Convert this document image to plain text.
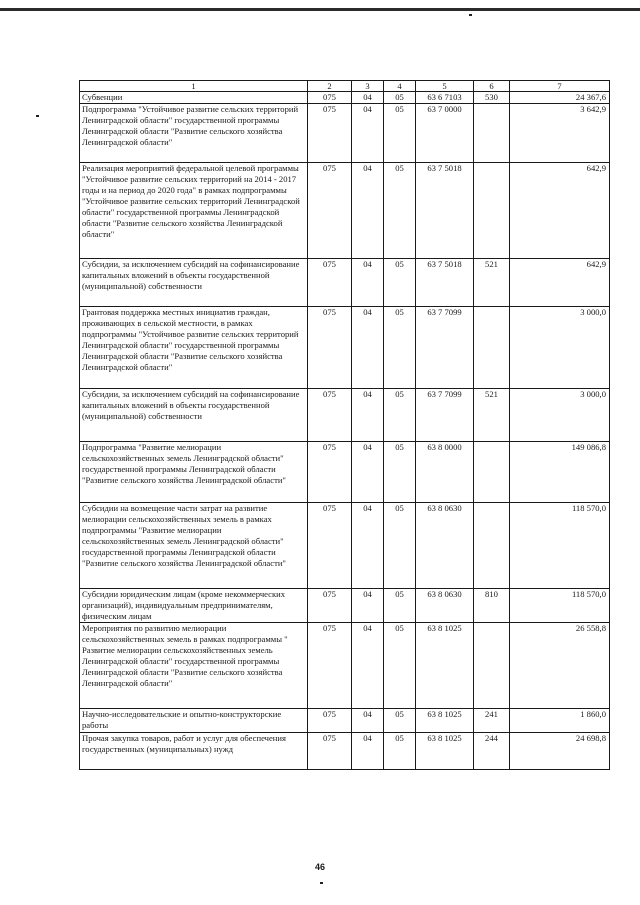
1	2	3	4	5	6	7
Субвенции	075	04	05	63 6 7103	530	24 367,6
Подпрограмма "Устойчивое развитие сельских территорий Ленинградской области" государственной программы Ленинградской области "Развитие сельского хозяйства Ленинградской области"	075	04	05	63 7 0000		3 642,9
Реализация мероприятий федеральной целевой программы "Устойчивое развитие сельских территорий на 2014 - 2017 годы и на период до 2020 года" в рамках подпрограммы "Устойчивое развитие сельских территорий Ленинградской области" государственной программы Ленинградской области "Развитие сельского хозяйства Ленинградской области"	075	04	05	63 7 5018		642,9
Субсидии, за исключением субсидий на софинансирование капитальных вложений в объекты государственной (муниципальной) собственности	075	04	05	63 7 5018	521	642,9
Грантовая поддержка местных инициатив граждан, проживающих в сельской местности, в рамках подпрограммы "Устойчивое развитие сельских территорий Ленинградской области" государственной программы Ленинградской области "Развитие сельского хозяйства Ленинградской области"	075	04	05	63 7 7099		3 000,0
Субсидии, за исключением субсидий на софинансирование капитальных вложений в объекты государственной (муниципальной) собственности	075	04	05	63 7 7099	521	3 000,0
Подпрограмма "Развитие мелиорации сельскохозяйственных земель Ленинградской области" государственной программы Ленинградской области "Развитие сельского хозяйства Ленинградской области"	075	04	05	63 8 0000		149 086,8
Субсидии на возмещение части затрат на развитие мелиорации сельскохозяйственных земель в рамках подпрограммы "Развитие мелиорации сельскохозяйственных земель Ленинградской области" государственной программы Ленинградской области "Развитие сельского хозяйства Ленинградской области"	075	04	05	63 8 0630		118 570,0
Субсидии юридическим лицам (кроме некоммерческих организаций), индивидуальным предпринимателям, физическим лицам	075	04	05	63 8 0630	810	118 570,0
Мероприятия по развитию мелиорации сельскохозяйственных земель в рамках подпрограммы " Развитие мелиорации сельскохозяйственных земель Ленинградской области" государственной программы Ленинградской области "Развитие сельского хозяйства Ленинградской области"	075	04	05	63 8 1025		26 558,8
Научно-исследовательские и опытно-конструкторские работы	075	04	05	63 8 1025	241	1 860,0
Прочая закупка товаров, работ и услуг для обеспечения государственных (муниципальных) нужд	075	04	05	63 8 1025	244	24 698,8
46
